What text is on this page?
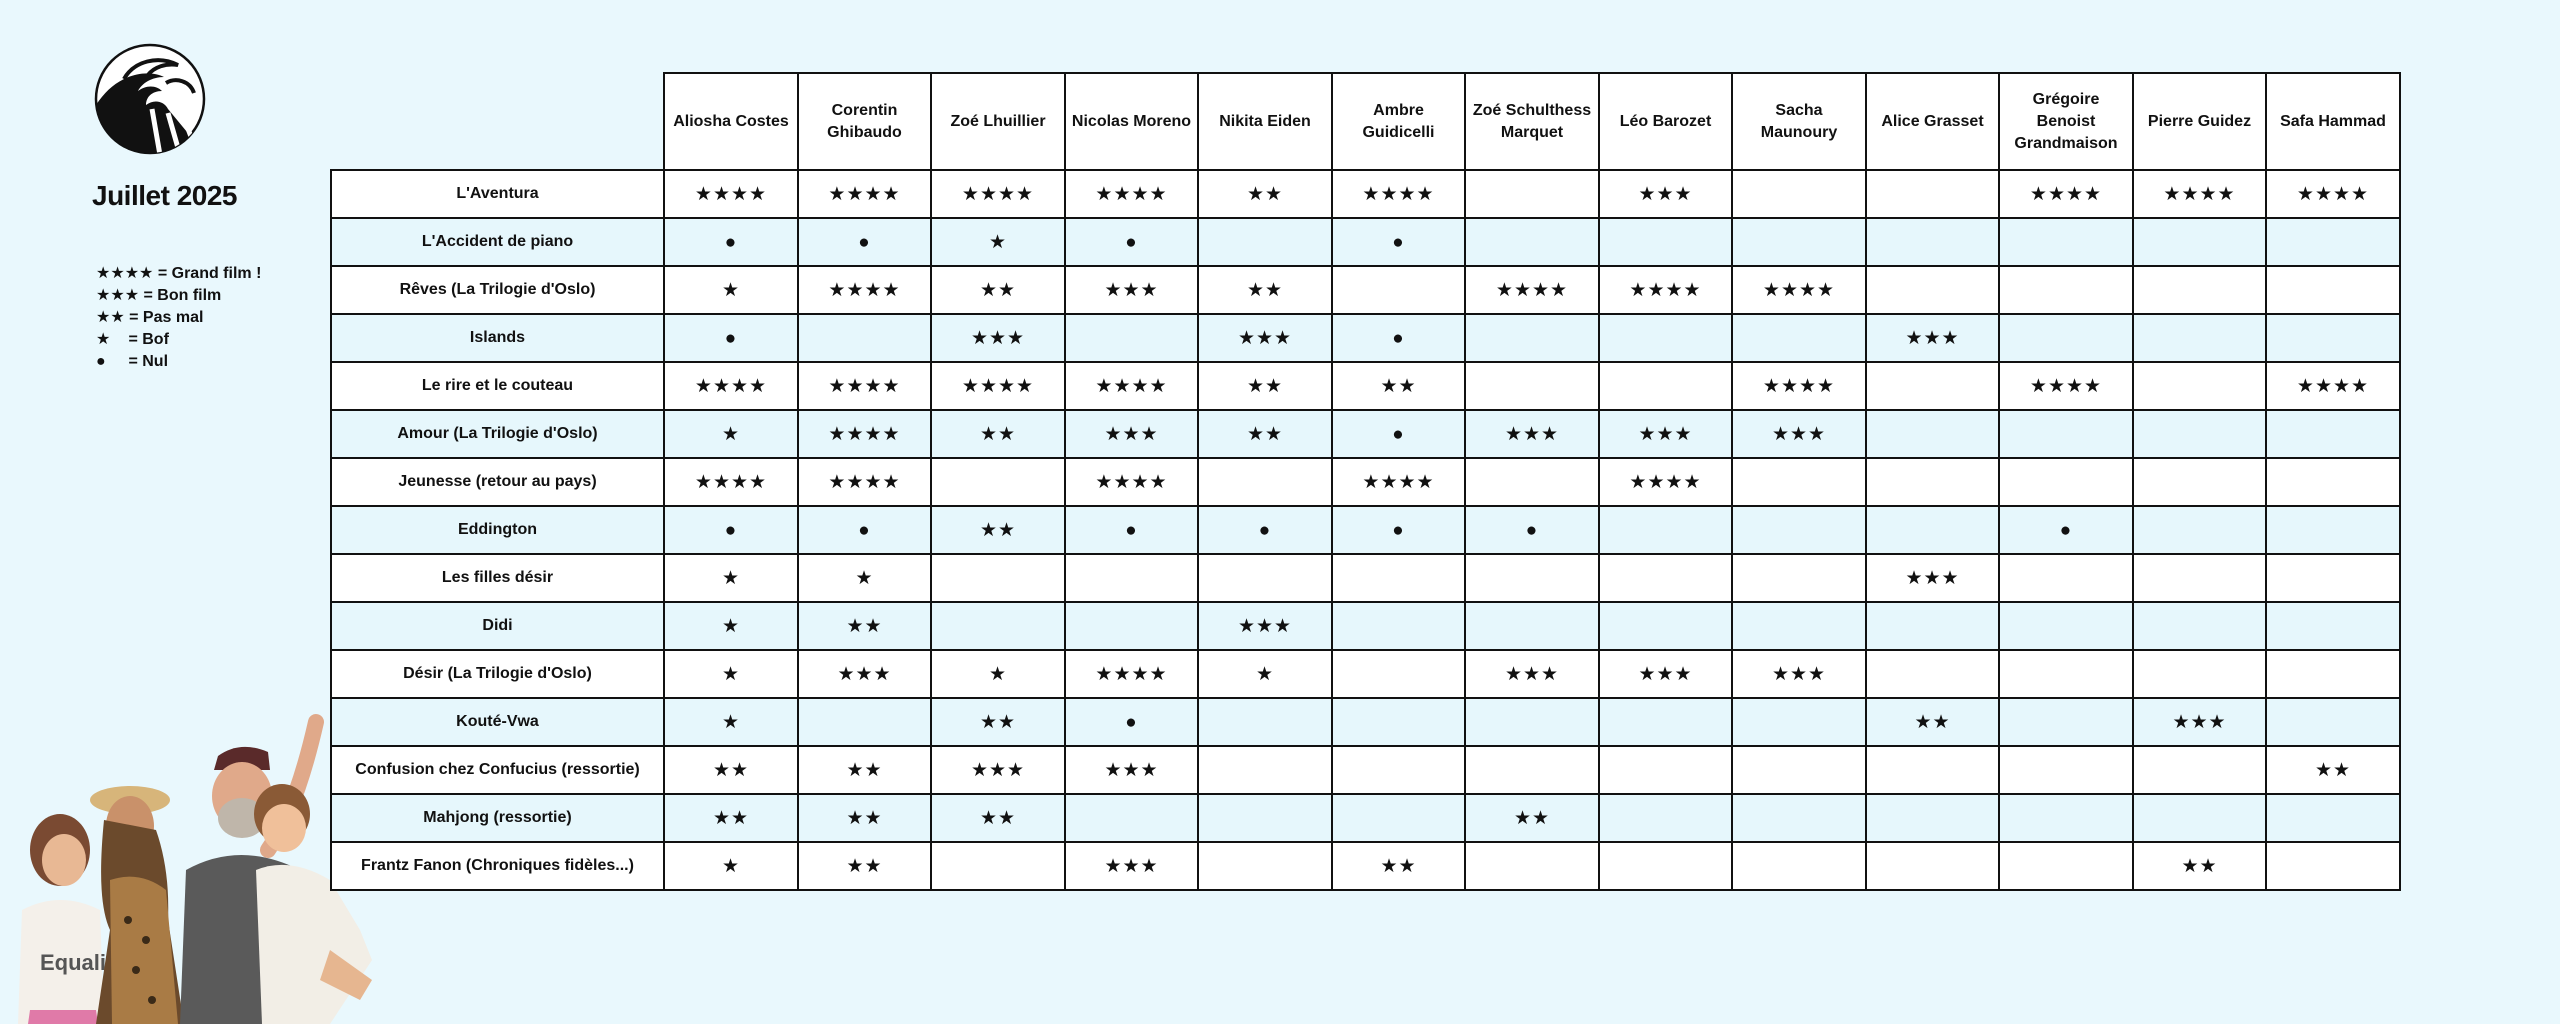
Juillet 2025
★★★★ = Grand film !
★★★ = Bon film
★★ = Pas mal
★ = Bof
● = Nul
Equali
	Aliosha Costes	Corentin Ghibaudo	Zoé Lhuillier	Nicolas Moreno	Nikita Eiden	Ambre Guidicelli	Zoé Schulthess Marquet	Léo Barozet	Sacha Maunoury	Alice Grasset	Grégoire Benoist Grandmaison	Pierre Guidez	Safa Hammad
L'Aventura	★★★★	★★★★	★★★★	★★★★	★★	★★★★		★★★			★★★★	★★★★	★★★★
L'Accident de piano	●	●	★	●		●							
Rêves (La Trilogie d'Oslo)	★	★★★★	★★	★★★	★★		★★★★	★★★★	★★★★				
Islands	●		★★★		★★★	●				★★★			
Le rire et le couteau	★★★★	★★★★	★★★★	★★★★	★★	★★			★★★★		★★★★		★★★★
Amour (La Trilogie d'Oslo)	★	★★★★	★★	★★★	★★	●	★★★	★★★	★★★				
Jeunesse (retour au pays)	★★★★	★★★★		★★★★		★★★★		★★★★					
Eddington	●	●	★★	●	●	●	●				●		
Les filles désir	★	★								★★★			
Didi	★	★★			★★★								
Désir (La Trilogie d'Oslo)	★	★★★	★	★★★★	★		★★★	★★★	★★★				
Kouté-Vwa	★		★★	●						★★		★★★	
Confusion chez Confucius (ressortie)	★★	★★	★★★	★★★									★★
Mahjong (ressortie)	★★	★★	★★				★★						
Frantz Fanon (Chroniques fidèles...)	★	★★		★★★		★★						★★	
